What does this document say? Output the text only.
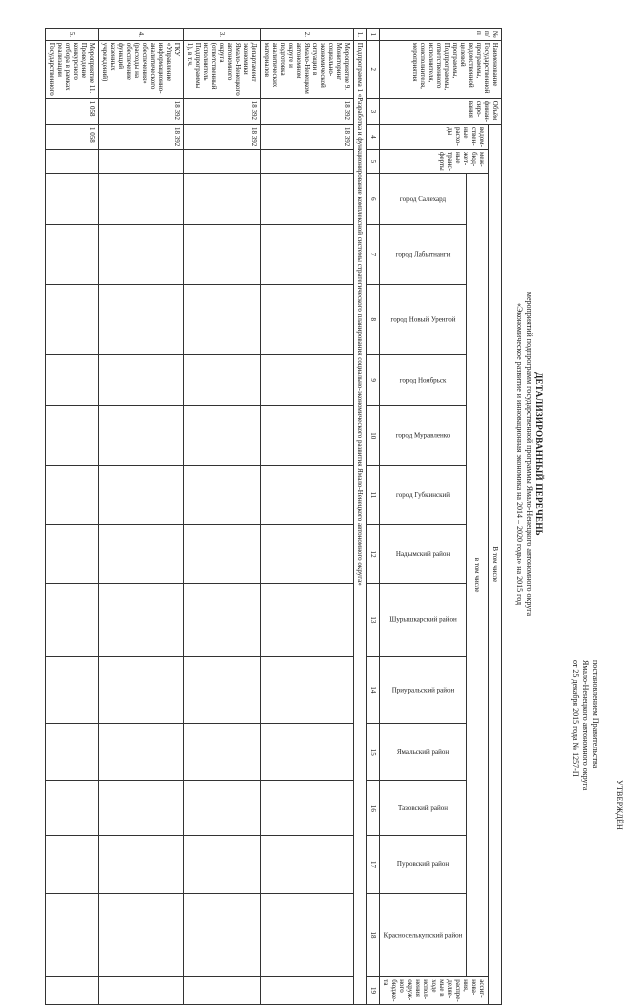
УТВЕРЖДЁН
постановлением Правительства
Ямало-Ненецкого автономного округа
от 25 декабря 2015 года № 1257-П
ДЕТАЛИЗИРОВАННЫЙ ПЕРЕЧЕНЬ
мероприятий подпрограмм государственной программы Ямало-Ненецкого автономного округа
«Экономическое развитие и инновационная экономика на 2014 – 2020 годы» на 2015 год
№ п/п	Наименование Государственной программы, ведомственной целевой программы, Подпрограммы, ответственного исполнителя, соисполнителя, мероприятия	Объём финан-сиро-вания	В том числе															
			ведом-ствен-ные расхо-ды	меж-бюд-жет-ные транс-ферты	в том числе													ассиг-нова-ния, распре-деляе-мые в ходе испол-нения окруж-ного бюдже-та
					город Салехард	город Лабытнанги	город Новый Уренгой	город Ноябрьск	город Муравленко	город Губкинский	Надымский район	Шурышкарский район	Приуральский район	Ямальский район	Тазовский район	Пуровский район	Красноселькупский район	
1	2	3	4	5	6	7	8	9	10	11	12	13	14	15	16	17	18	19
1.	Подпрограмма 1 «Разработка и функционирование комплексной системы стратегического планирования социально-экономического развития Ямало-Ненецкого автономного округа»																	
2.	Мероприятие 9. Мониторинг социально-экономической ситуации в Ямало-Ненецком автономном округе и подготовка аналитических материалов	18 392	18 392															
3.	Департамент экономики Ямало-Ненецкого автономного округа (ответственный исполнитель Подпрограммы 1), в т.ч.	18 392	18 392															
4.	ГКУ «Управление информационно-аналитического обеспечения» (расходы на обеспечение функций казенных учреждений)	18 392	18 392															
5.	Мероприятие 11. Проведение конкурсного отбора в рамках реализации Государственного	1 058	1 058															
